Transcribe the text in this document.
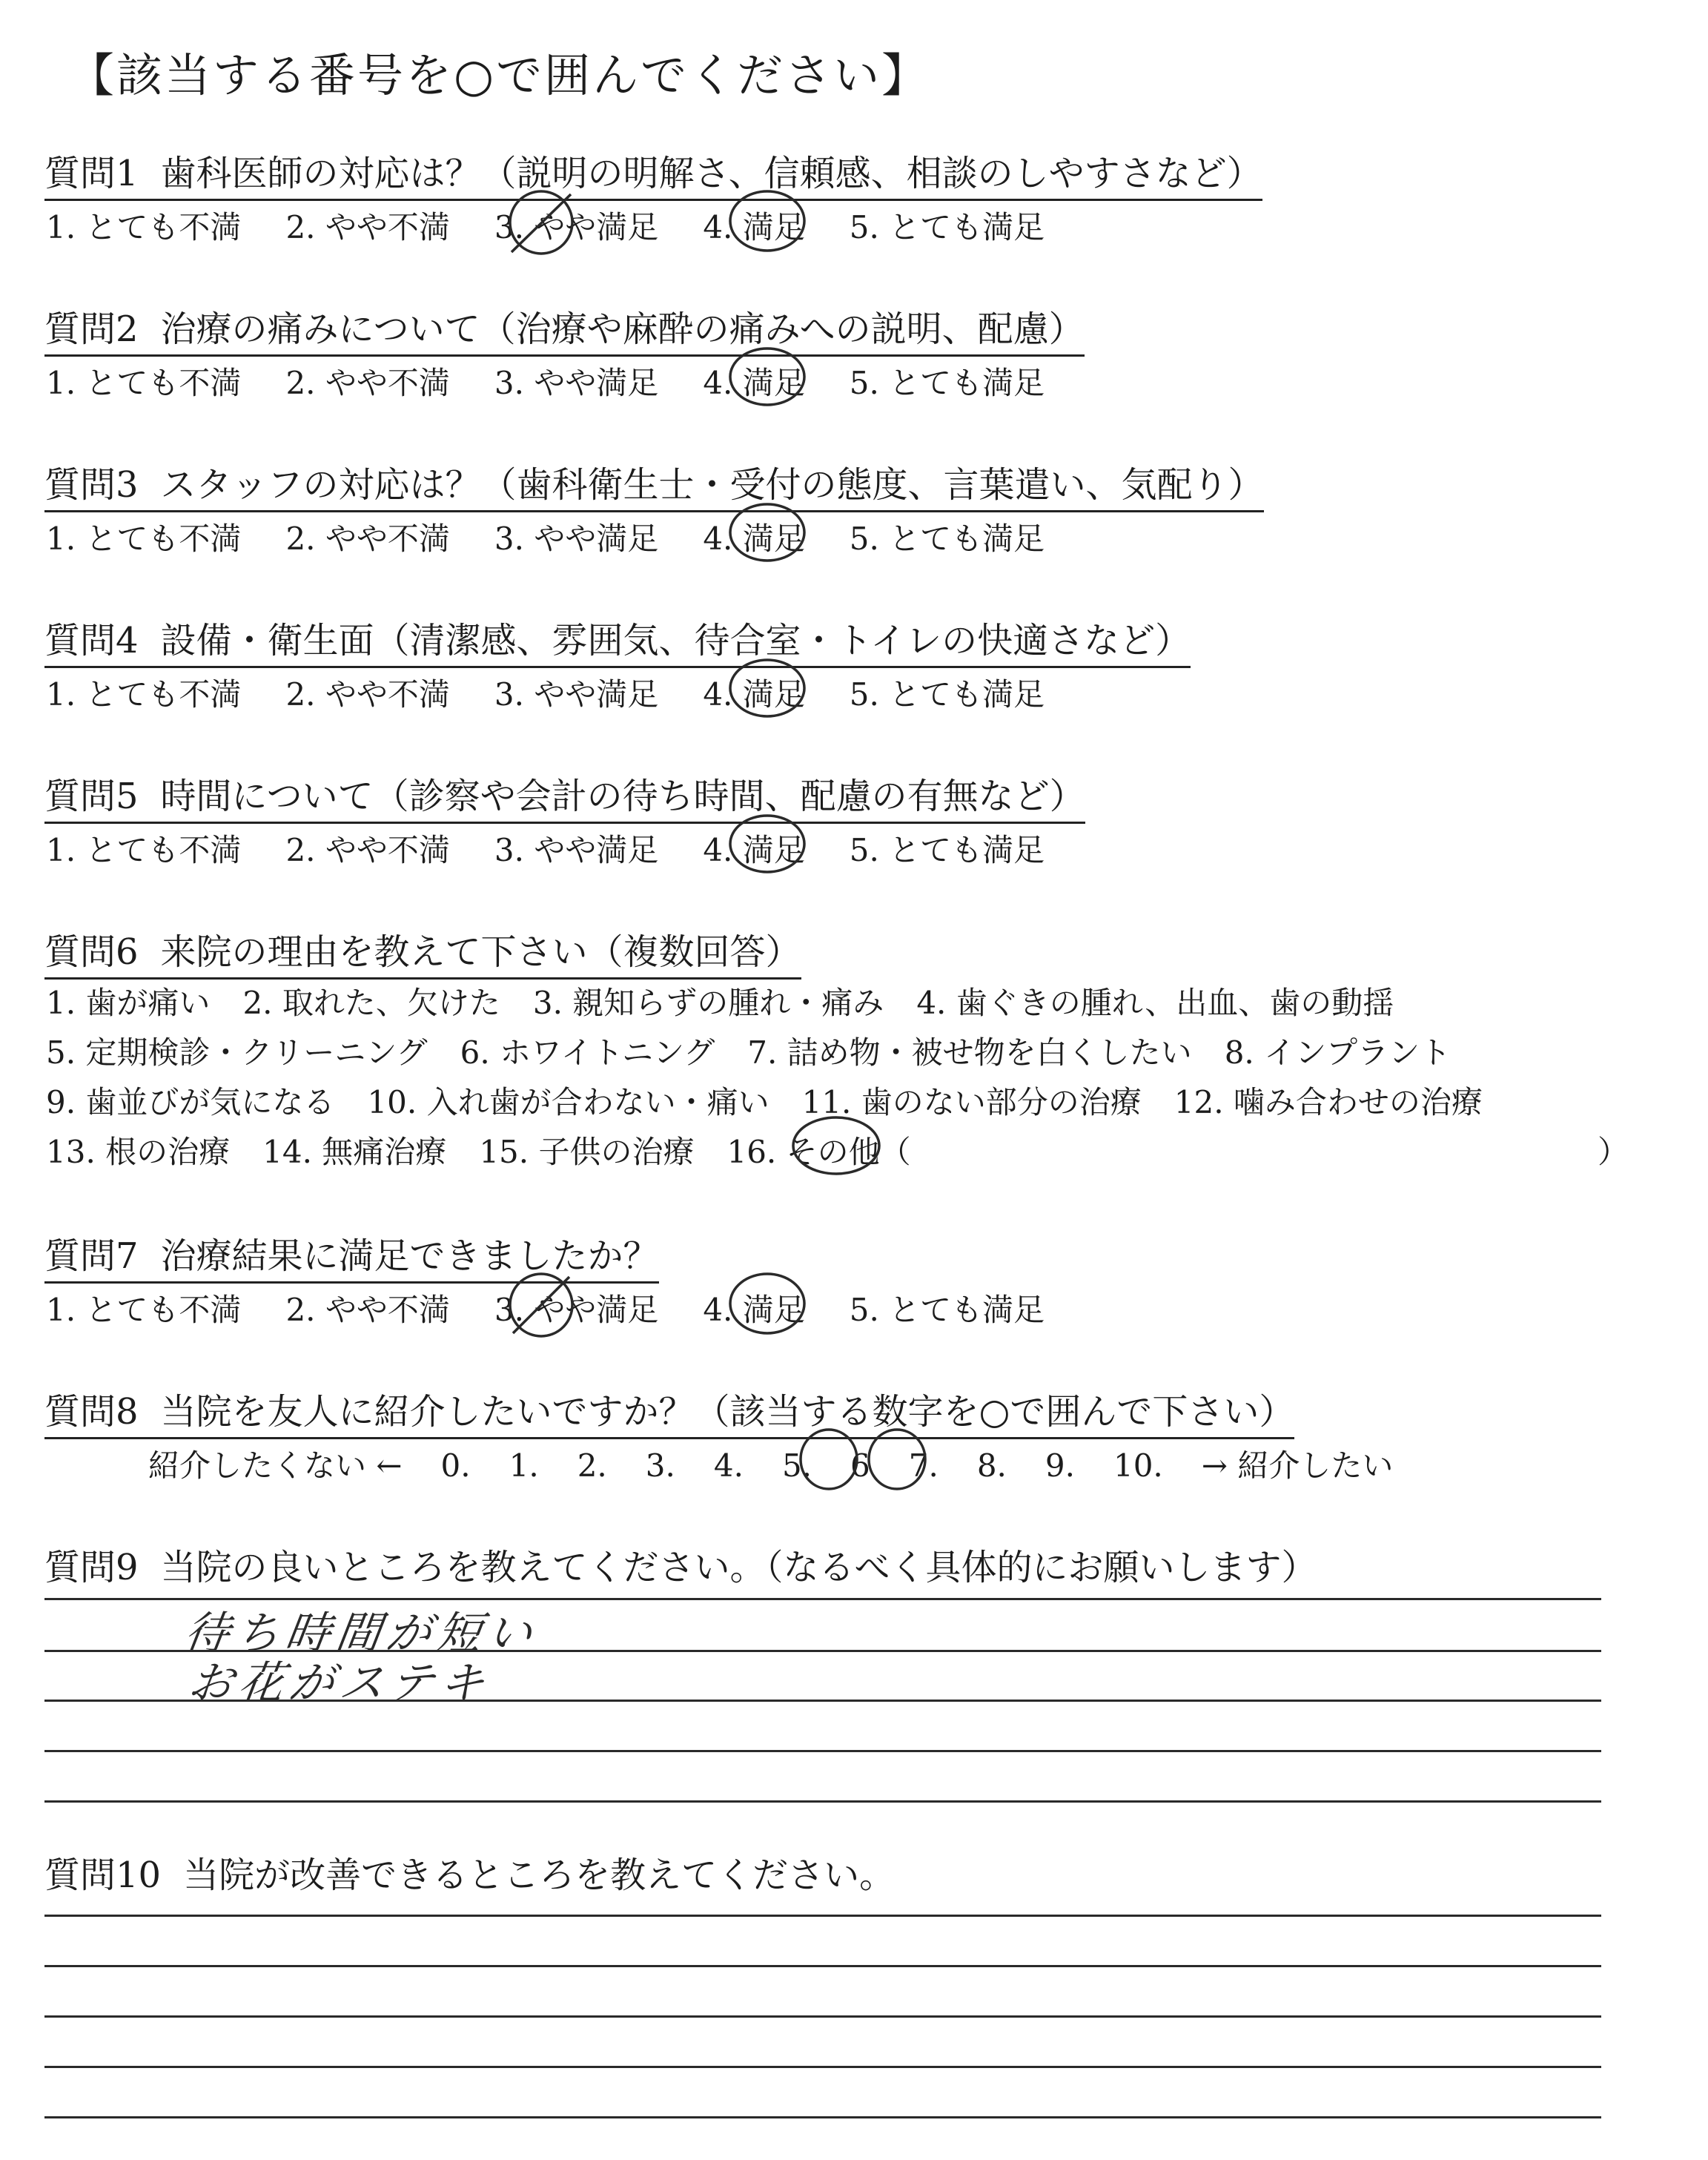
【該当する番号を○で囲んでください】
質問1 歯科医師の対応は？（説明の明解さ、信頼感、相談のしやすさなど）
1. とても不満 2. やや不満 3. やや満足 4. 満足 5. とても満足
質問2 治療の痛みについて（治療や麻酔の痛みへの説明、配慮）
1. とても不満 2. やや不満 3. やや満足 4. 満足 5. とても満足
質問3 スタッフの対応は？（歯科衛生士・受付の態度、言葉遣い、気配り）
1. とても不満 2. やや不満 3. やや満足 4. 満足 5. とても満足
質問4 設備・衛生面（清潔感、雰囲気、待合室・トイレの快適さなど）
1. とても不満 2. やや不満 3. やや満足 4. 満足 5. とても満足
質問5 時間について（診察や会計の待ち時間、配慮の有無など）
1. とても不満 2. やや不満 3. やや満足 4. 満足 5. とても満足
質問6 来院の理由を教えて下さい（複数回答）
1. 歯が痛い 2. 取れた、欠けた 3. 親知らずの腫れ・痛み 4. 歯ぐきの腫れ、出血、歯の動揺
5. 定期検診・クリーニング 6. ホワイトニング 7. 詰め物・被せ物を白くしたい 8. インプラント
9. 歯並びが気になる 10. 入れ歯が合わない・痛い 11. 歯のない部分の治療 12. 噛み合わせの治療
13. 根の治療 14. 無痛治療 15. 子供の治療 16. その他（	）
質問7 治療結果に満足できましたか？
1. とても不満 2. やや不満 3. やや満足 4. 満足 5. とても満足
質問8 当院を友人に紹介したいですか？（該当する数字を○で囲んで下さい）
紹介したくない ← 0. 1. 2. 3. 4. 5. 6 7. 8. 9. 10. → 紹介したい
質問9 当院の良いところを教えてください。（なるべく具体的にお願いします）
待ち時間が短い
お花がステキ
質問10 当院が改善できるところを教えてください。
